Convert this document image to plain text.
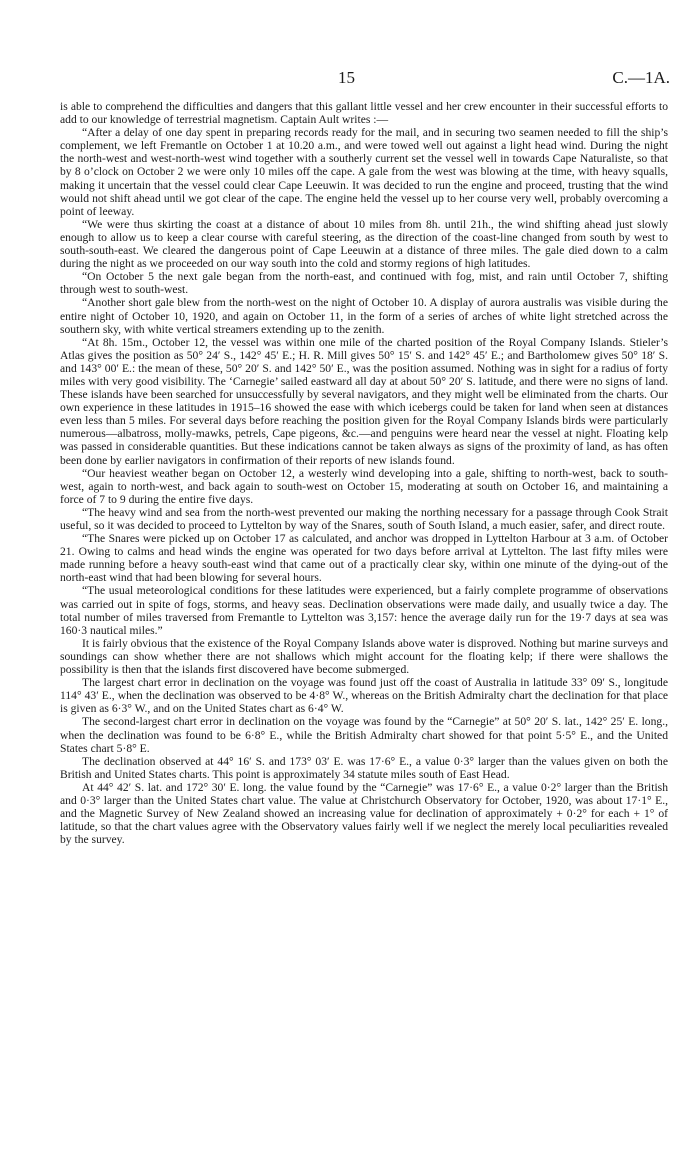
15	C.—1A.

is able to comprehend the difficulties and dangers that this gallant little vessel and her crew encounter in their successful efforts to add to our knowledge of terrestrial magnetism. Captain Ault writes :—

“After a delay of one day spent in preparing records ready for the mail, and in securing two seamen needed to fill the ship’s complement, we left Fremantle on October 1 at 10.20 a.m., and were towed well out against a light head wind. During the night the north-west and west-north-west wind together with a southerly current set the vessel well in towards Cape Naturaliste, so that by 8 o’clock on October 2 we were only 10 miles off the cape. A gale from the west was blowing at the time, with heavy squalls, making it uncertain that the vessel could clear Cape Leeuwin. It was decided to run the engine and proceed, trusting that the wind would not shift ahead until we got clear of the cape. The engine held the vessel up to her course very well, probably overcoming a point of leeway.

“We were thus skirting the coast at a distance of about 10 miles from 8h. until 21h., the wind shifting ahead just slowly enough to allow us to keep a clear course with careful steering, as the direction of the coast-line changed from south by west to south-south-east. We cleared the dangerous point of Cape Leeuwin at a distance of three miles. The gale died down to a calm during the night as we proceeded on our way south into the cold and stormy regions of high latitudes.

“On October 5 the next gale began from the north-east, and continued with fog, mist, and rain until October 7, shifting through west to south-west.

“Another short gale blew from the north-west on the night of October 10. A display of aurora australis was visible during the entire night of October 10, 1920, and again on October 11, in the form of a series of arches of white light stretched across the southern sky, with white vertical streamers extending up to the zenith.

“At 8h. 15m., October 12, the vessel was within one mile of the charted position of the Royal Company Islands. Stieler’s Atlas gives the position as 50° 24′ S., 142° 45′ E.; H. R. Mill gives 50° 15′ S. and 142° 45′ E.; and Bartholomew gives 50° 18′ S. and 143° 00′ E.: the mean of these, 50° 20′ S. and 142° 50′ E., was the position assumed. Nothing was in sight for a radius of forty miles with very good visibility. The ‘Carnegie’ sailed eastward all day at about 50° 20′ S. latitude, and there were no signs of land. These islands have been searched for unsuccessfully by several navigators, and they might well be eliminated from the charts. Our own experience in these latitudes in 1915–16 showed the ease with which icebergs could be taken for land when seen at distances even less than 5 miles. For several days before reaching the position given for the Royal Company Islands birds were particularly numerous—albatross, molly-mawks, petrels, Cape pigeons, &c.—and penguins were heard near the vessel at night. Floating kelp was passed in considerable quantities. But these indications cannot be taken always as signs of the proximity of land, as has often been done by earlier navigators in confirmation of their reports of new islands found.

“Our heaviest weather began on October 12, a westerly wind developing into a gale, shifting to north-west, back to south-west, again to north-west, and back again to south-west on October 15, moderating at south on October 16, and maintaining a force of 7 to 9 during the entire five days.

“The heavy wind and sea from the north-west prevented our making the northing necessary for a passage through Cook Strait useful, so it was decided to proceed to Lyttelton by way of the Snares, south of South Island, a much easier, safer, and direct route.

“The Snares were picked up on October 17 as calculated, and anchor was dropped in Lyttelton Harbour at 3 a.m. of October 21. Owing to calms and head winds the engine was operated for two days before arrival at Lyttelton. The last fifty miles were made running before a heavy south-east wind that came out of a practically clear sky, within one minute of the dying-out of the north-east wind that had been blowing for several hours.

“The usual meteorological conditions for these latitudes were experienced, but a fairly complete programme of observations was carried out in spite of fogs, storms, and heavy seas. Declination observations were made daily, and usually twice a day. The total number of miles traversed from Fremantle to Lyttelton was 3,157: hence the average daily run for the 19·7 days at sea was 160·3 nautical miles.”

It is fairly obvious that the existence of the Royal Company Islands above water is disproved. Nothing but marine surveys and soundings can show whether there are not shallows which might account for the floating kelp; if there were shallows the possibility is then that the islands first discovered have become submerged.

The largest chart error in declination on the voyage was found just off the coast of Australia in latitude 33° 09′ S., longitude 114° 43′ E., when the declination was observed to be 4·8° W., whereas on the British Admiralty chart the declination for that place is given as 6·3° W., and on the United States chart as 6·4° W.

The second-largest chart error in declination on the voyage was found by the “Carnegie” at 50° 20′ S. lat., 142° 25′ E. long., when the declination was found to be 6·8° E., while the British Admiralty chart showed for that point 5·5° E., and the United States chart 5·8° E.

The declination observed at 44° 16′ S. and 173° 03′ E. was 17·6° E., a value 0·3° larger than the values given on both the British and United States charts. This point is approximately 34 statute miles south of East Head.

At 44° 42′ S. lat. and 172° 30′ E. long. the value found by the “Carnegie” was 17·6° E., a value 0·2° larger than the British and 0·3° larger than the United States chart value. The value at Christchurch Observatory for October, 1920, was about 17·1° E., and the Magnetic Survey of New Zealand showed an increasing value for declination of approximately + 0·2° for each + 1° of latitude, so that the chart values agree with the Observatory values fairly well if we neglect the merely local peculiarities revealed by the survey.
